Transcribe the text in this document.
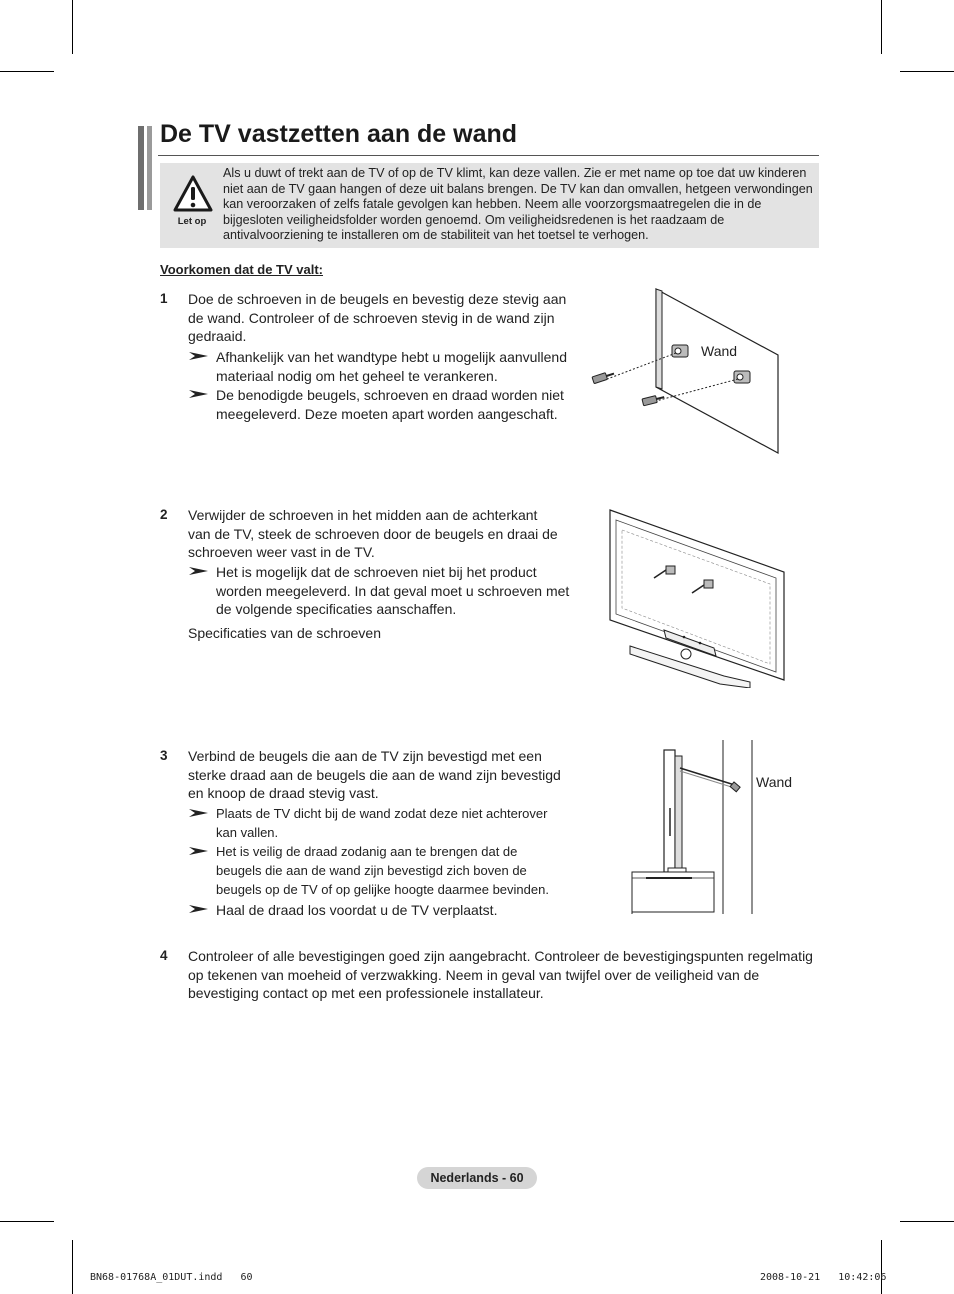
De TV vastzetten aan de wand
Let op
Als u duwt of trekt aan de TV of op de TV klimt, kan deze vallen. Zie er met name op toe dat uw kinderen niet aan de TV gaan hangen of deze uit balans brengen. De TV kan dan omvallen, hetgeen verwondingen kan veroorzaken of zelfs fatale gevolgen kan hebben. Neem alle voorzorgsmaatregelen die in de bijgesloten veiligheidsfolder worden genoemd. Om veiligheidsredenen is het raadzaam de antivalvoorziening te installeren om de stabiliteit van het toetsel te verhogen.
Voorkomen dat de TV valt:
1 Doe de schroeven in de beugels en bevestig deze stevig aan
de wand. Controleer of de schroeven stevig in de wand zijn
gedraaid.
Afhankelijk van het wandtype hebt u mogelijk aanvullend
materiaal nodig om het geheel te verankeren.
De benodigde beugels, schroeven en draad worden niet
meegeleverd. Deze moeten apart worden aangeschaft.
Wand
2 Verwijder de schroeven in het midden aan de achterkant
van de TV, steek de schroeven door de beugels en draai de
schroeven weer vast in de TV.
Het is mogelijk dat de schroeven niet bij het product
worden meegeleverd. In dat geval moet u schroeven met
de volgende specificaties aanschaffen.
Specificaties van de schroeven
3 Verbind de beugels die aan de TV zijn bevestigd met een
sterke draad aan de beugels die aan de wand zijn bevestigd
en knoop de draad stevig vast.
Plaats de TV dicht bij de wand zodat deze niet achterover
kan vallen.
Het is veilig de draad zodanig aan te brengen dat de
beugels die aan de wand zijn bevestigd zich boven de
beugels op de TV of op gelijke hoogte daarmee bevinden.
Haal de draad los voordat u de TV verplaatst.
Wand
4 Controleer of alle bevestigingen goed zijn aangebracht. Controleer de bevestigingspunten regelmatig
op tekenen van moeheid of verzwakking. Neem in geval van twijfel over de veiligheid van de
bevestiging contact op met een professionele installateur.
Nederlands - 60
BN68-01768A_01DUT.indd   60	2008-10-21   10:42:06
